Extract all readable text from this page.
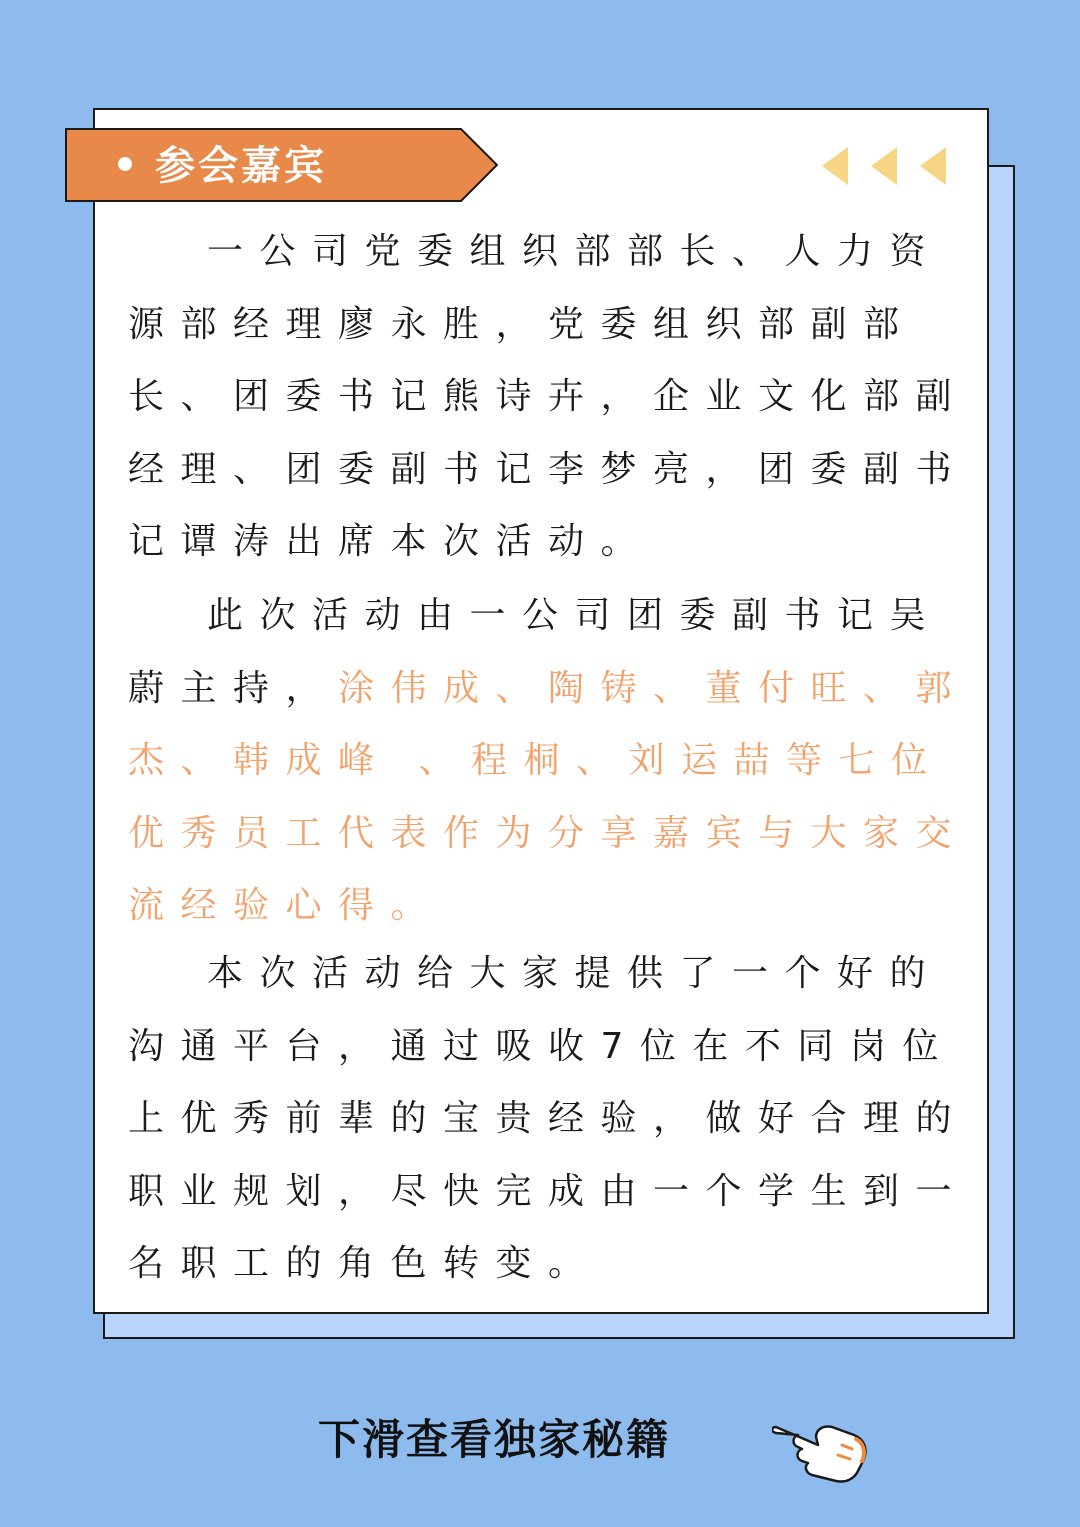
参会嘉宾

一公司党委组织部部长、人力资源部经理廖永胜，党委组织部副部长、团委书记熊诗卉，企业文化部副经理、团委副书记李梦亮，团委副书记谭涛出席本次活动。

此次活动由一公司团委副书记吴蔚主持，涂伟成、陶铸、董付旺、郭杰、韩成峰 、程桐、刘运喆等七位优秀员工代表作为分享嘉宾与大家交流经验心得。

本次活动给大家提供了一个好的沟通平台，通过吸收7位在不同岗位上优秀前辈的宝贵经验，做好合理的职业规划，尽快完成由一个学生到一名职工的角色转变。

下滑查看独家秘籍
